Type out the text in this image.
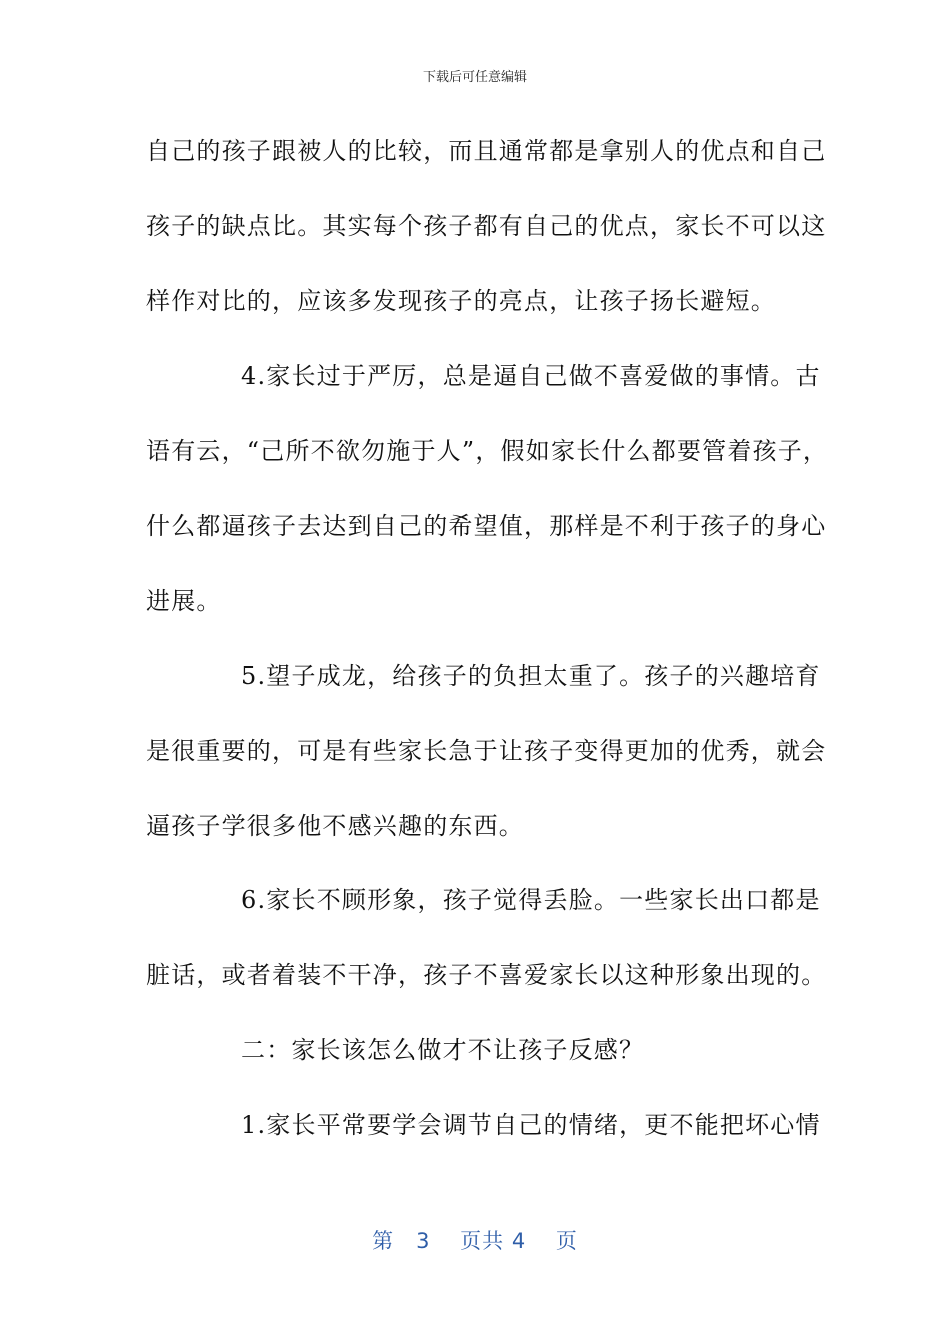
下载后可任意编辑
自己的孩子跟被人的比较，而且通常都是拿别人的优点和自己
孩子的缺点比。其实每个孩子都有自己的优点，家长不可以这
样作对比的，应该多发现孩子的亮点，让孩子扬长避短。
4.家长过于严厉，总是逼自己做不喜爱做的事情。古
语有云，“己所不欲勿施于人”，假如家长什么都要管着孩子，
什么都逼孩子去达到自己的希望值，那样是不利于孩子的身心
进展。
5.望子成龙，给孩子的负担太重了。孩子的兴趣培育
是很重要的，可是有些家长急于让孩子变得更加的优秀，就会
逼孩子学很多他不感兴趣的东西。
6.家长不顾形象，孩子觉得丢脸。一些家长出口都是
脏话，或者着装不干净，孩子不喜爱家长以这种形象出现的。
二：家长该怎么做才不让孩子反感？
1.家长平常要学会调节自己的情绪，更不能把坏心情
第　3　 页共 4　 页
